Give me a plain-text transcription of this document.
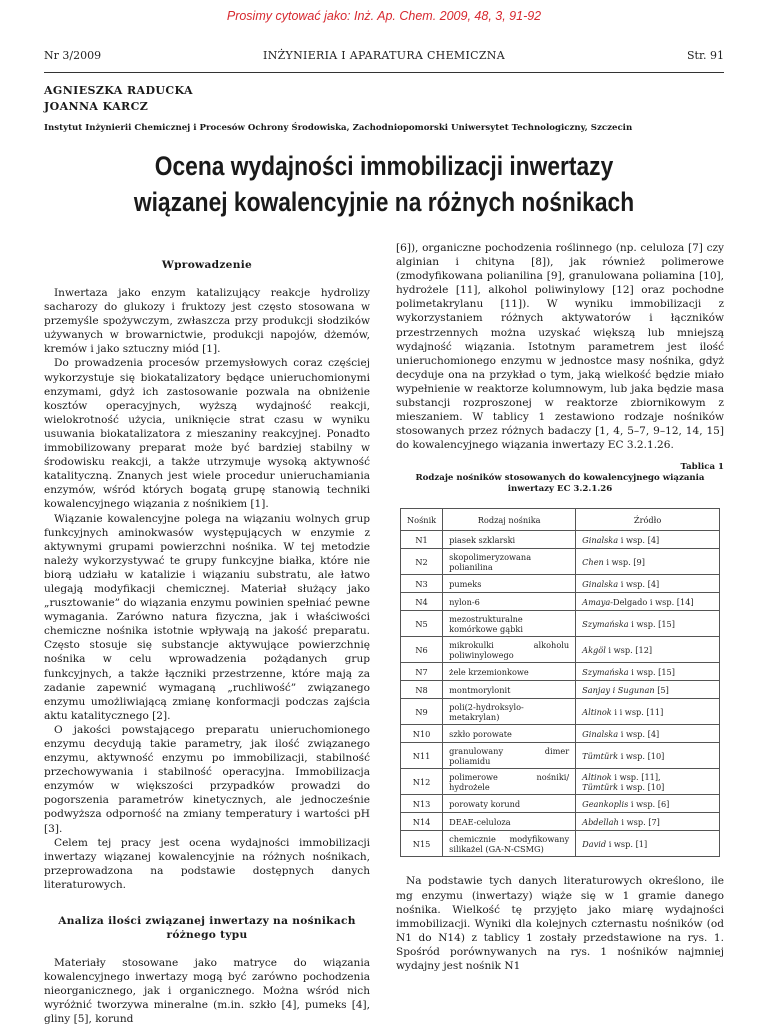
Prosimy cytować jako: Inż. Ap. Chem. 2009, 48, 3, 91-92
Nr 3/2009	INŻYNIERIA I APARATURA CHEMICZNA	Str. 91
AGNIESZKA RADUCKA
JOANNA KARCZ
Instytut Inżynierii Chemicznej i Procesów Ochrony Środowiska, Zachodniopomorski Uniwersytet Technologiczny, Szczecin
Ocena wydajności immobilizacji inwertazy
wiązanej kowalencyjnie na różnych nośnikach
Wprowadzenie

Inwertaza jako enzym katalizujący reakcje hydrolizy sacharozy do glukozy i fruktozy jest często stosowana w przemyśle spożywczym, zwłaszcza przy produkcji słodzików używanych w browarnictwie, produkcji napojów, dżemów, kremów i jako sztuczny miód [1].

Do prowadzenia procesów przemysłowych coraz częściej wykorzystuje się biokatalizatory będące unieruchomionymi enzymami, gdyż ich zastosowanie pozwala na obniżenie kosztów operacyjnych, wyższą wydajność reakcji, wielokrotność użycia, uniknięcie strat czasu w wyniku usuwania biokatalizatora z mieszaniny reakcyjnej. Ponadto immobilizowany preparat może być bardziej stabilny w środowisku reakcji, a także utrzymuje wysoką aktywność katalityczną. Znanych jest wiele procedur unieruchamiania enzymów, wśród których bogatą grupę stanowią techniki kowalencyjnego wiązania z nośnikiem [1].

Wiązanie kowalencyjne polega na wiązaniu wolnych grup funkcyjnych aminokwasów występujących w enzymie z aktywnymi grupami powierzchni nośnika. W tej metodzie należy wykorzystywać te grupy funkcyjne białka, które nie biorą udziału w katalizie i wiązaniu substratu, ale łatwo ulegają modyfikacji chemicznej. Materiał służący jako „rusztowanie” do wiązania enzymu powinien spełniać pewne wymagania. Zarówno natura fizyczna, jak i właściwości chemiczne nośnika istotnie wpływają na jakość preparatu. Często stosuje się substancje aktywujące powierzchnię nośnika w celu wprowadzenia pożądanych grup funkcyjnych, a także łączniki przestrzenne, które mają za zadanie zapewnić wymaganą „ruchliwość” związanego enzymu umożliwiającą zmianę konformacji podczas zajścia aktu katalitycznego [2].

O jakości powstającego preparatu unieruchomionego enzymu decydują takie parametry, jak ilość związanego enzymu, aktywność enzymu po immobilizacji, stabilność przechowywania i stabilność operacyjna. Immobilizacja enzymów w większości przypadków prowadzi do pogorszenia parametrów kinetycznych, ale jednocześnie podwyższa odporność na zmiany temperatury i wartości pH [3].

Celem tej pracy jest ocena wydajności immobilizacji inwertazy wiązanej kowalencyjnie na różnych nośnikach, przeprowadzona na podstawie dostępnych danych literaturowych.

Analiza ilości związanej inwertazy na nośnikach różnego typu

Materiały stosowane jako matryce do wiązania kowalencyjnego inwertazy mogą być zarówno pochodzenia nieorganicznego, jak i organicznego. Można wśród nich wyróżnić tworzywa mineralne (m.in. szkło [4], pumeks [4], gliny [5], korund

[6]), organiczne pochodzenia roślinnego (np. celuloza [7] czy alginian i chityna [8]), jak również polimerowe (zmodyfikowana polianilina [9], granulowana poliamina [10], hydrożele [11], alkohol poliwinylowy [12] oraz pochodne polimetakrylanu [11]). W wyniku immobilizacji z wykorzystaniem różnych aktywatorów i łączników przestrzennych można uzyskać większą lub mniejszą wydajność wiązania. Istotnym parametrem jest ilość unieruchomionego enzymu w jednostce masy nośnika, gdyż decyduje ona na przykład o tym, jaką wielkość będzie miało wypełnienie w reaktorze kolumnowym, lub jaka będzie masa substancji rozproszonej w reaktorze zbiornikowym z mieszaniem. W tablicy 1 zestawiono rodzaje nośników stosowanych przez różnych badaczy [1, 4, 5–7, 9–12, 14, 15] do kowalencyjnego wiązania inwertazy EC 3.2.1.26.

Tablica 1
Rodzaje nośników stosowanych do kowalencyjnego wiązania inwertazy EC 3.2.1.26
Nośnik	Rodzaj nośnika	Źródło
N1	piasek szklarski	Ginalska i wsp. [4]
N2	skopolimeryzowana polianilina	Chen i wsp. [9]
N3	pumeks	Ginalska i wsp. [4]
N4	nylon-6	Amaya-Delgado i wsp. [14]
N5	mezostrukturalne komórkowe gąbki	Szymańska i wsp. [15]
N6	mikrokulki alkoholu poliwinylowego	Akgöl i wsp. [12]
N7	żele krzemionkowe	Szymańska i wsp. [15]
N8	montmorylonit	Sanjay i Sugunan [5]
N9	poli(2-hydroksylo-metakrylan)	Altinok i i wsp. [11]
N10	szkło porowate	Ginalska i wsp. [4]
N11	granulowany dimer poliamidu	Tümtürk i wsp. [10]
N12	polimerowe nośniki/ hydrożele	Altinok i wsp. [11],
Tümtürk i wsp. [10]
N13	porowaty korund	Geankoplis i wsp. [6]
N14	DEAE-celuloza	Abdellah i wsp. [7]
N15	chemicznie modyfikowany silikażel (GA-N-CSMG)	David i wsp. [1]

Na podstawie tych danych literaturowych określono, ile mg enzymu (inwertazy) wiąże się w 1 gramie danego nośnika. Wielkość tę przyjęto jako miarę wydajności immobilizacji. Wyniki dla kolejnych czternastu nośników (od N1 do N14) z tablicy 1 zostały przedstawione na rys. 1. Spośród porównywanych na rys. 1 nośników najmniej wydajny jest nośnik N1
